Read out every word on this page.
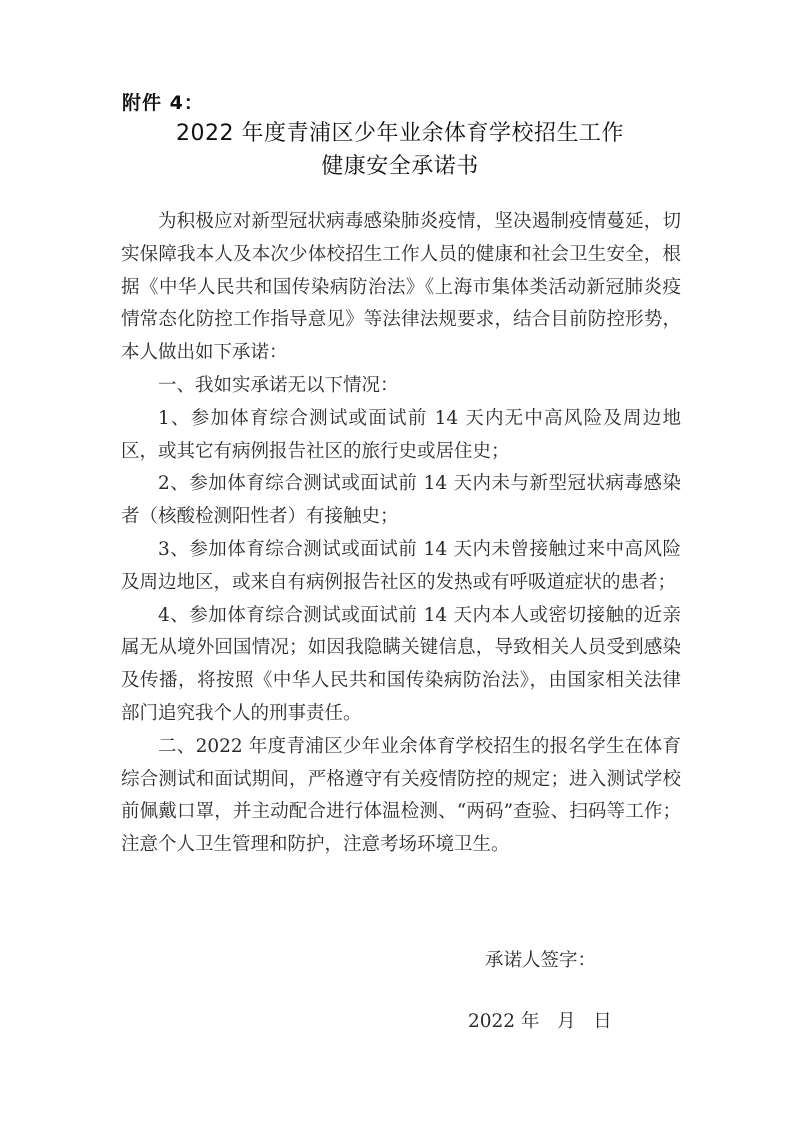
附件 4：
2022 年度青浦区少年业余体育学校招生工作
健康安全承诺书

为积极应对新型冠状病毒感染肺炎疫情，坚决遏制疫情蔓延，切实保障我本人及本次少体校招生工作人员的健康和社会卫生安全，根据《中华人民共和国传染病防治法》《上海市集体类活动新冠肺炎疫情常态化防控工作指导意见》等法律法规要求，结合目前防控形势，本人做出如下承诺：

一、我如实承诺无以下情况：

1、参加体育综合测试或面试前 14 天内无中高风险及周边地区，或其它有病例报告社区的旅行史或居住史；

2、参加体育综合测试或面试前 14 天内未与新型冠状病毒感染者（核酸检测阳性者）有接触史；

3、参加体育综合测试或面试前 14 天内未曾接触过来中高风险及周边地区，或来自有病例报告社区的发热或有呼吸道症状的患者；

4、参加体育综合测试或面试前 14 天内本人或密切接触的近亲属无从境外回国情况；如因我隐瞒关键信息，导致相关人员受到感染及传播，将按照《中华人民共和国传染病防治法》，由国家相关法律部门追究我个人的刑事责任。

二、2022 年度青浦区少年业余体育学校招生的报名学生在体育综合测试和面试期间，严格遵守有关疫情防控的规定；进入测试学校前佩戴口罩，并主动配合进行体温检测、“两码”查验、扫码等工作；注意个人卫生管理和防护，注意考场环境卫生。

承诺人签字：
2022 年   月   日
